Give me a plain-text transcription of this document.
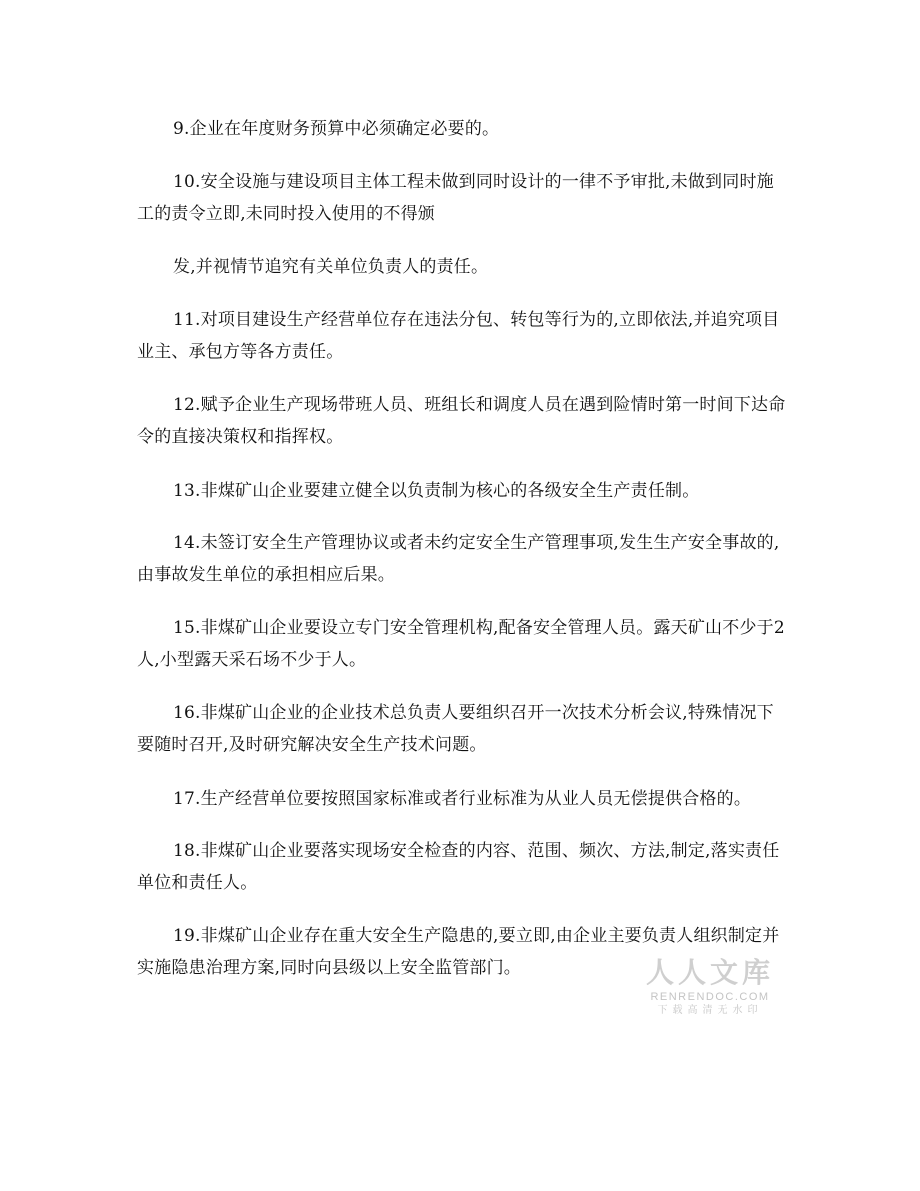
9.企业在年度财务预算中必须确定必要的。

10.安全设施与建设项目主体工程未做到同时设计的一律不予审批,未做到同时施工的责令立即,未同时投入使用的不得颁

发,并视情节追究有关单位负责人的责任。

11.对项目建设生产经营单位存在违法分包、转包等行为的,立即依法,并追究项目业主、承包方等各方责任。

12.赋予企业生产现场带班人员、班组长和调度人员在遇到险情时第一时间下达命令的直接决策权和指挥权。

13.非煤矿山企业要建立健全以负责制为核心的各级安全生产责任制。

14.未签订安全生产管理协议或者未约定安全生产管理事项,发生生产安全事故的,由事故发生单位的承担相应后果。

15.非煤矿山企业要设立专门安全管理机构,配备安全管理人员。露天矿山不少于2人,小型露天采石场不少于人。

16.非煤矿山企业的企业技术总负责人要组织召开一次技术分析会议,特殊情况下要随时召开,及时研究解决安全生产技术问题。

17.生产经营单位要按照国家标准或者行业标准为从业人员无偿提供合格的。

18.非煤矿山企业要落实现场安全检查的内容、范围、频次、方法,制定,落实责任单位和责任人。

19.非煤矿山企业存在重大安全生产隐患的,要立即,由企业主要负责人组织制定并实施隐患治理方案,同时向县级以上安全监管部门。	人人文库
RENRENDOC.COM
下载高清无水印
